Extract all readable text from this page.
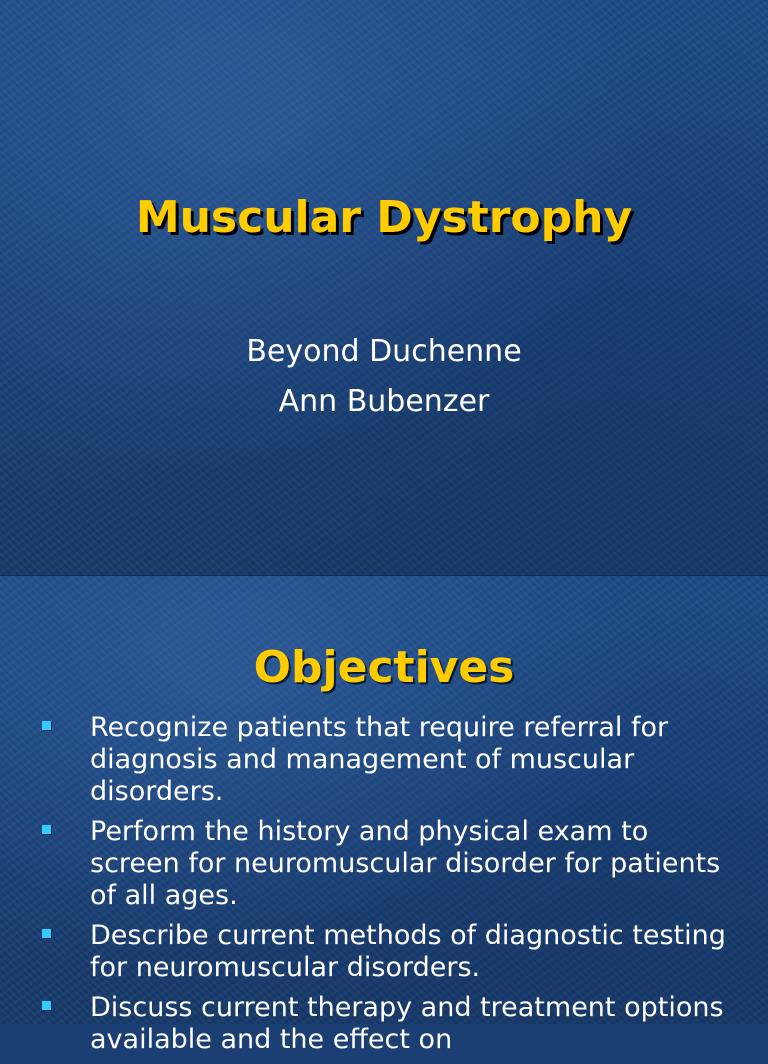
Muscular Dystrophy

Beyond Duchenne

Ann Bubenzer

Objectives
Recognize patients that require referral for diagnosis and management of muscular disorders.
Perform the history and physical exam to screen for neuromuscular disorder for patients of all ages.
Describe current methods of diagnostic testing for neuromuscular disorders.
Discuss current therapy and treatment options available and the effect on
